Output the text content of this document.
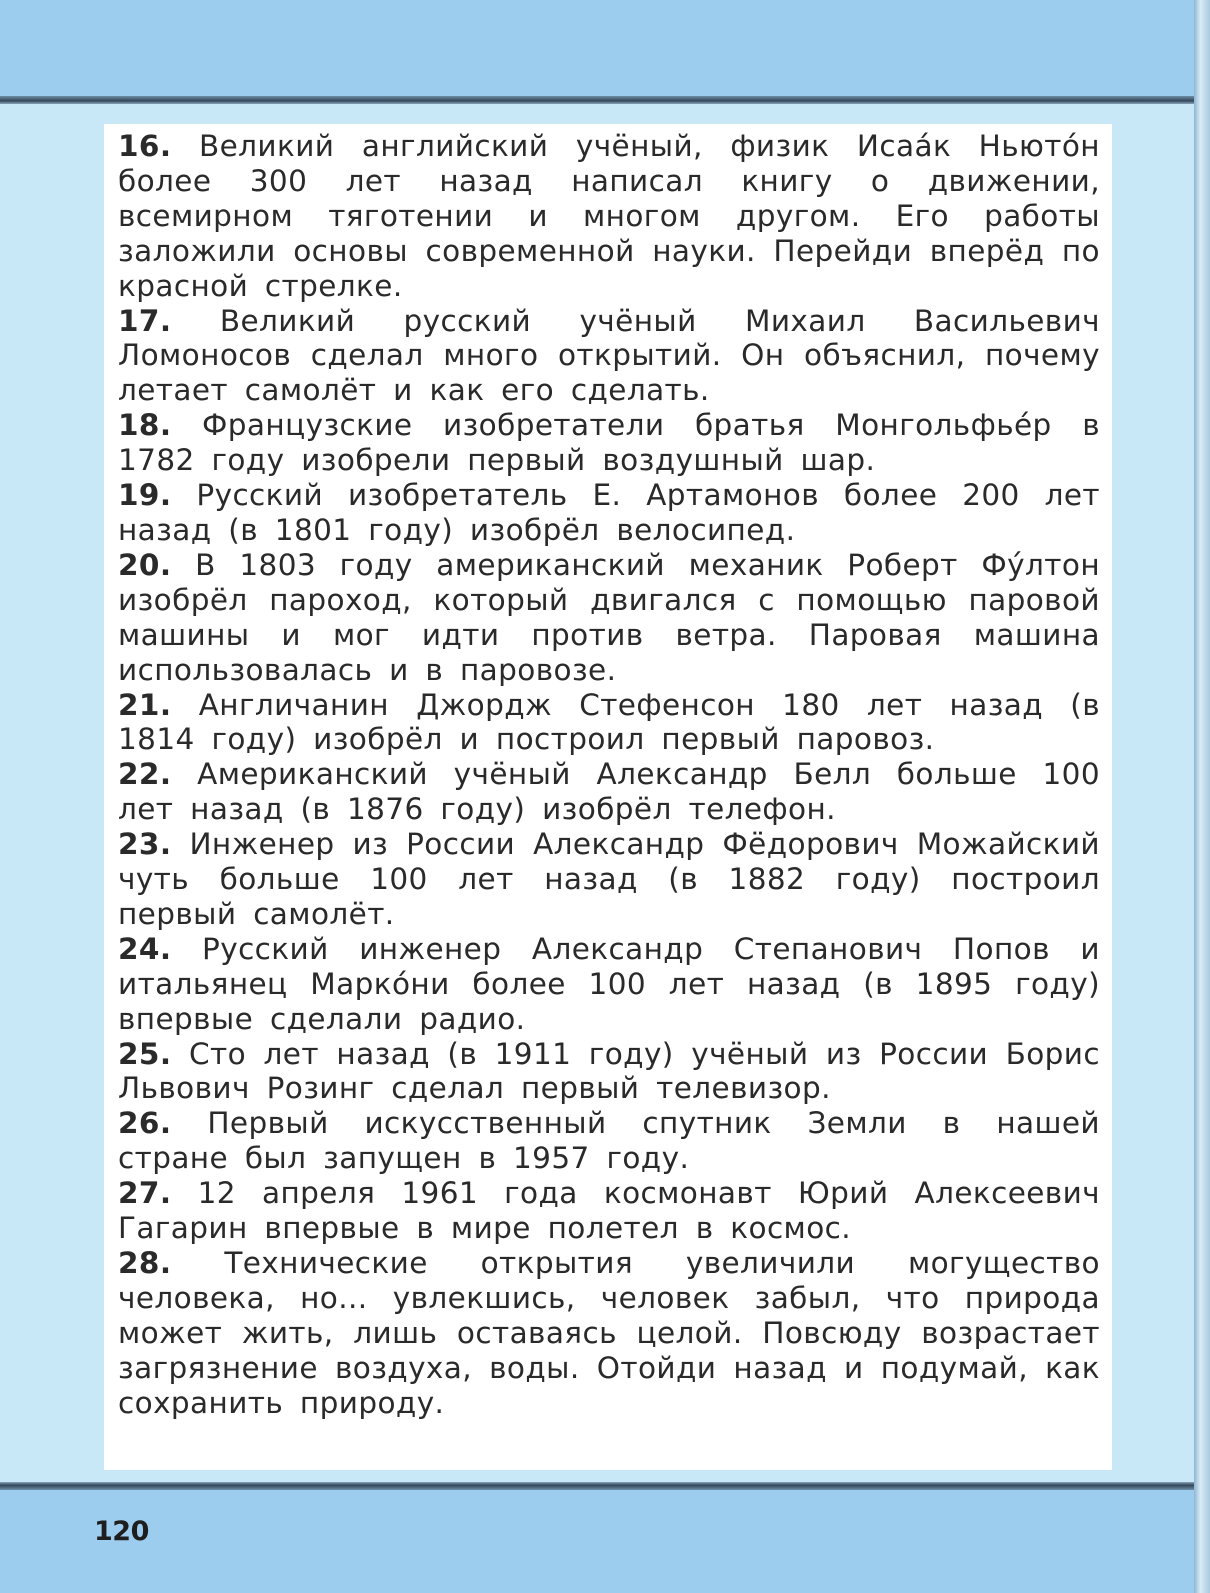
16. Великий английский учёный, физик Исаáк Ньютóн более 300 лет назад написал книгу о движении, всемирном тяготении и многом другом. Его работы заложили основы современной науки. Перейди вперёд по красной стрелке.

17. Великий русский учёный Михаил Васильевич Ломоносов сделал много открытий. Он объяснил, почему летает самолёт и как его сделать.

18. Французские изобретатели братья Монгольфьéр в 1782 году изобрели первый воздушный шар.

19. Русский изобретатель Е. Артамонов более 200 лет назад (в 1801 году) изобрёл велосипед.

20. В 1803 году американский механик Роберт Фýлтон изобрёл пароход, который двигался с помощью паровой машины и мог идти против ветра. Паровая машина использовалась и в паровозе.

21. Англичанин Джордж Стефенсон 180 лет назад (в 1814 году) изобрёл и построил первый паровоз.

22. Американский учёный Александр Белл больше 100 лет назад (в 1876 году) изобрёл телефон.

23. Инженер из России Александр Фёдорович Можайский чуть больше 100 лет назад (в 1882 году) построил первый самолёт.

24. Русский инженер Александр Степанович Попов и итальянец Маркóни более 100 лет назад (в 1895 году) впервые сделали радио.

25. Сто лет назад (в 1911 году) учёный из России Борис Львович Розинг сделал первый телевизор.

26. Первый искусственный спутник Земли в нашей стране был запущен в 1957 году.

27. 12 апреля 1961 года космонавт Юрий Алексеевич Гагарин впервые в мире полетел в космос.

28. Технические открытия увеличили могущество человека, но... увлекшись, человек забыл, что природа может жить, лишь оставаясь целой. Повсюду возрастает загрязнение воздуха, воды. Отойди назад и подумай, как сохранить природу.

120
